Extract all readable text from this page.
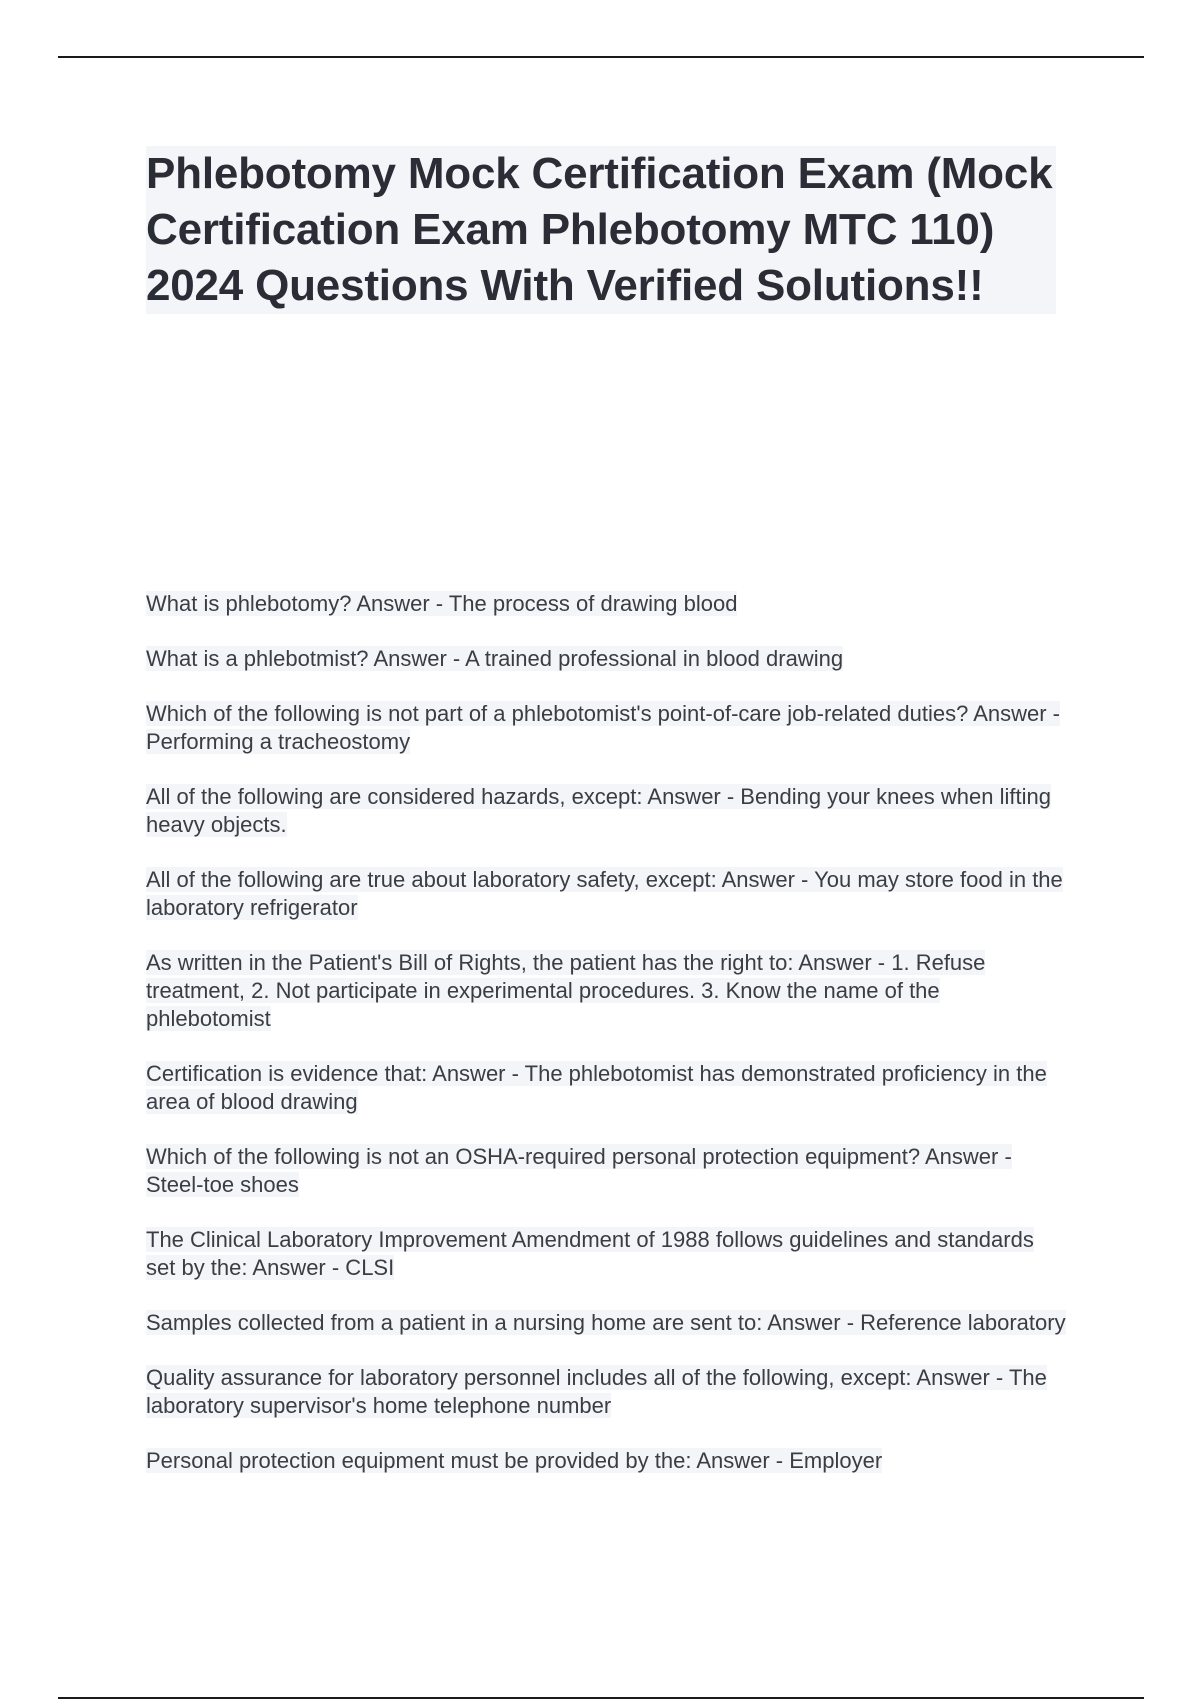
Phlebotomy Mock Certification Exam (Mock Certification Exam Phlebotomy MTC 110) 2024 Questions With Verified Solutions!!
What is phlebotomy? Answer - The process of drawing blood
What is a phlebotmist? Answer - A trained professional in blood drawing
Which of the following is not part of a phlebotomist's point-of-care job-related duties? Answer - Performing a tracheostomy
All of the following are considered hazards, except: Answer - Bending your knees when lifting heavy objects.
All of the following are true about laboratory safety, except: Answer - You may store food in the laboratory refrigerator
As written in the Patient's Bill of Rights, the patient has the right to: Answer - 1. Refuse treatment, 2. Not participate in experimental procedures. 3. Know the name of the phlebotomist
Certification is evidence that: Answer - The phlebotomist has demonstrated proficiency in the area of blood drawing
Which of the following is not an OSHA-required personal protection equipment? Answer - Steel-toe shoes
The Clinical Laboratory Improvement Amendment of 1988 follows guidelines and standards set by the: Answer - CLSI
Samples collected from a patient in a nursing home are sent to: Answer - Reference laboratory
Quality assurance for laboratory personnel includes all of the following, except: Answer - The laboratory supervisor's home telephone number
Personal protection equipment must be provided by the: Answer - Employer
